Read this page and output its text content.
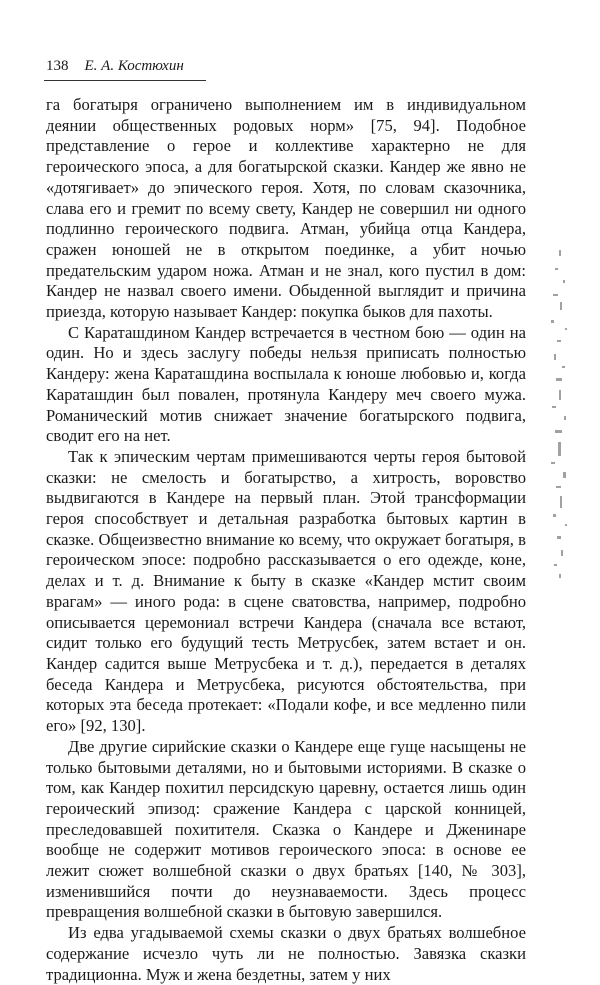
138 Е. А. Костюхин

га богатыря ограничено выполнением им в индивидуальном деянии общественных родовых норм» [75, 94]. Подобное представление о герое и коллективе характерно не для героического эпоса, а для богатырской сказки. Кандер же явно не «дотягивает» до эпического героя. Хотя, по словам сказочника, слава его и гремит по всему свету, Кандер не совершил ни одного подлинно героического подвига. Атман, убийца отца Кандера, сражен юношей не в открытом поединке, а убит ночью предательским ударом ножа. Атман и не знал, кого пустил в дом: Кандер не назвал своего имени. Обыденной выглядит и причина приезда, которую называет Кандер: покупка быков для пахоты.

С Караташдином Кандер встречается в честном бою — один на один. Но и здесь заслугу победы нельзя приписать полностью Кандеру: жена Караташдина воспылала к юноше любовью и, когда Караташдин был повален, протянула Кандеру меч своего мужа. Романический мотив снижает значение богатырского подвига, сводит его на нет.

Так к эпическим чертам примешиваются черты героя бытовой сказки: не смелость и богатырство, а хитрость, воровство выдвигаются в Кандере на первый план. Этой трансформации героя способствует и детальная разработка бытовых картин в сказке. Общеизвестно внимание ко всему, что окружает богатыря, в героическом эпосе: подробно рассказывается о его одежде, коне, делах и т. д. Внимание к быту в сказке «Кандер мстит своим врагам» — иного рода: в сцене сватовства, например, подробно описывается церемониал встречи Кандера (сначала все встают, сидит только его будущий тесть Метрусбек, затем встает и он. Кандер садится выше Метрусбека и т. д.), передается в деталях беседа Кандера и Метрусбека, рисуются обстоятельства, при которых эта беседа протекает: «Подали кофе, и все медленно пили его» [92, 130].

Две другие сирийские сказки о Кандере еще гуще насыщены не только бытовыми деталями, но и бытовыми историями. В сказке о том, как Кандер похитил персидскую царевну, остается лишь один героический эпизод: сражение Кандера с царской конницей, преследовавшей похитителя. Сказка о Кандере и Дженинаре вообще не содержит мотивов героического эпоса: в основе ее лежит сюжет волшебной сказки о двух братьях [140, № 303], изменившийся почти до неузнаваемости. Здесь процесс превращения волшебной сказки в бытовую завершился.

Из едва угадываемой схемы сказки о двух братьях волшебное содержание исчезло чуть ли не полностью. Завязка сказки традиционна. Муж и жена бездетны, затем у них
